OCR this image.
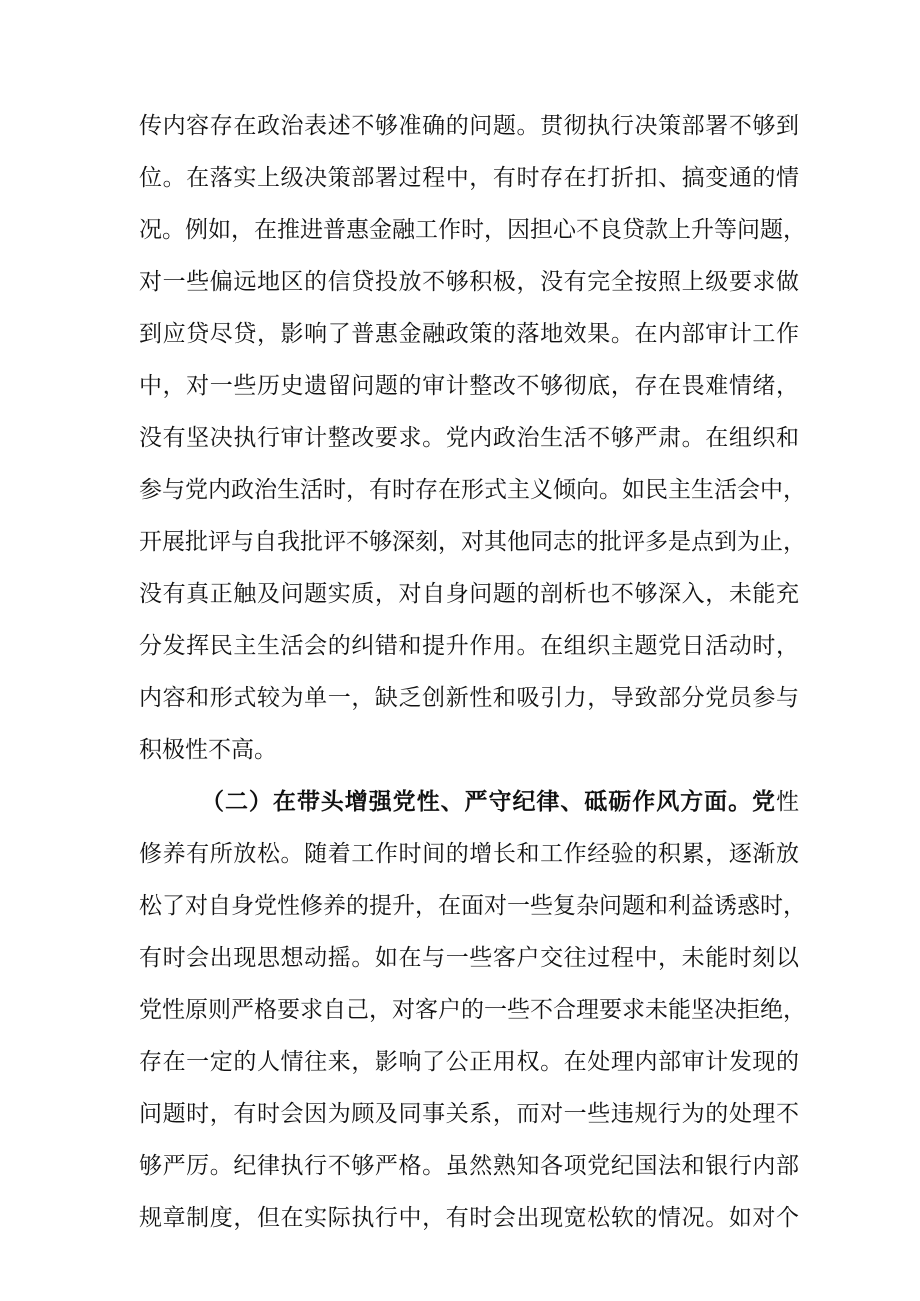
传内容存在政治表述不够准确的问题。贯彻执行决策部署不够到
位。在落实上级决策部署过程中，有时存在打折扣、搞变通的情
况。例如，在推进普惠金融工作时，因担心不良贷款上升等问题，
对一些偏远地区的信贷投放不够积极，没有完全按照上级要求做
到应贷尽贷，影响了普惠金融政策的落地效果。在内部审计工作
中，对一些历史遗留问题的审计整改不够彻底，存在畏难情绪，
没有坚决执行审计整改要求。党内政治生活不够严肃。在组织和
参与党内政治生活时，有时存在形式主义倾向。如民主生活会中，
开展批评与自我批评不够深刻，对其他同志的批评多是点到为止，
没有真正触及问题实质，对自身问题的剖析也不够深入，未能充
分发挥民主生活会的纠错和提升作用。在组织主题党日活动时，
内容和形式较为单一，缺乏创新性和吸引力，导致部分党员参与
积极性不高。
（二）在带头增强党性、严守纪律、砥砺作风方面。党性
修养有所放松。随着工作时间的增长和工作经验的积累，逐渐放
松了对自身党性修养的提升，在面对一些复杂问题和利益诱惑时，
有时会出现思想动摇。如在与一些客户交往过程中，未能时刻以
党性原则严格要求自己，对客户的一些不合理要求未能坚决拒绝，
存在一定的人情往来，影响了公正用权。在处理内部审计发现的
问题时，有时会因为顾及同事关系，而对一些违规行为的处理不
够严厉。纪律执行不够严格。虽然熟知各项党纪国法和银行内部
规章制度，但在实际执行中，有时会出现宽松软的情况。如对个
